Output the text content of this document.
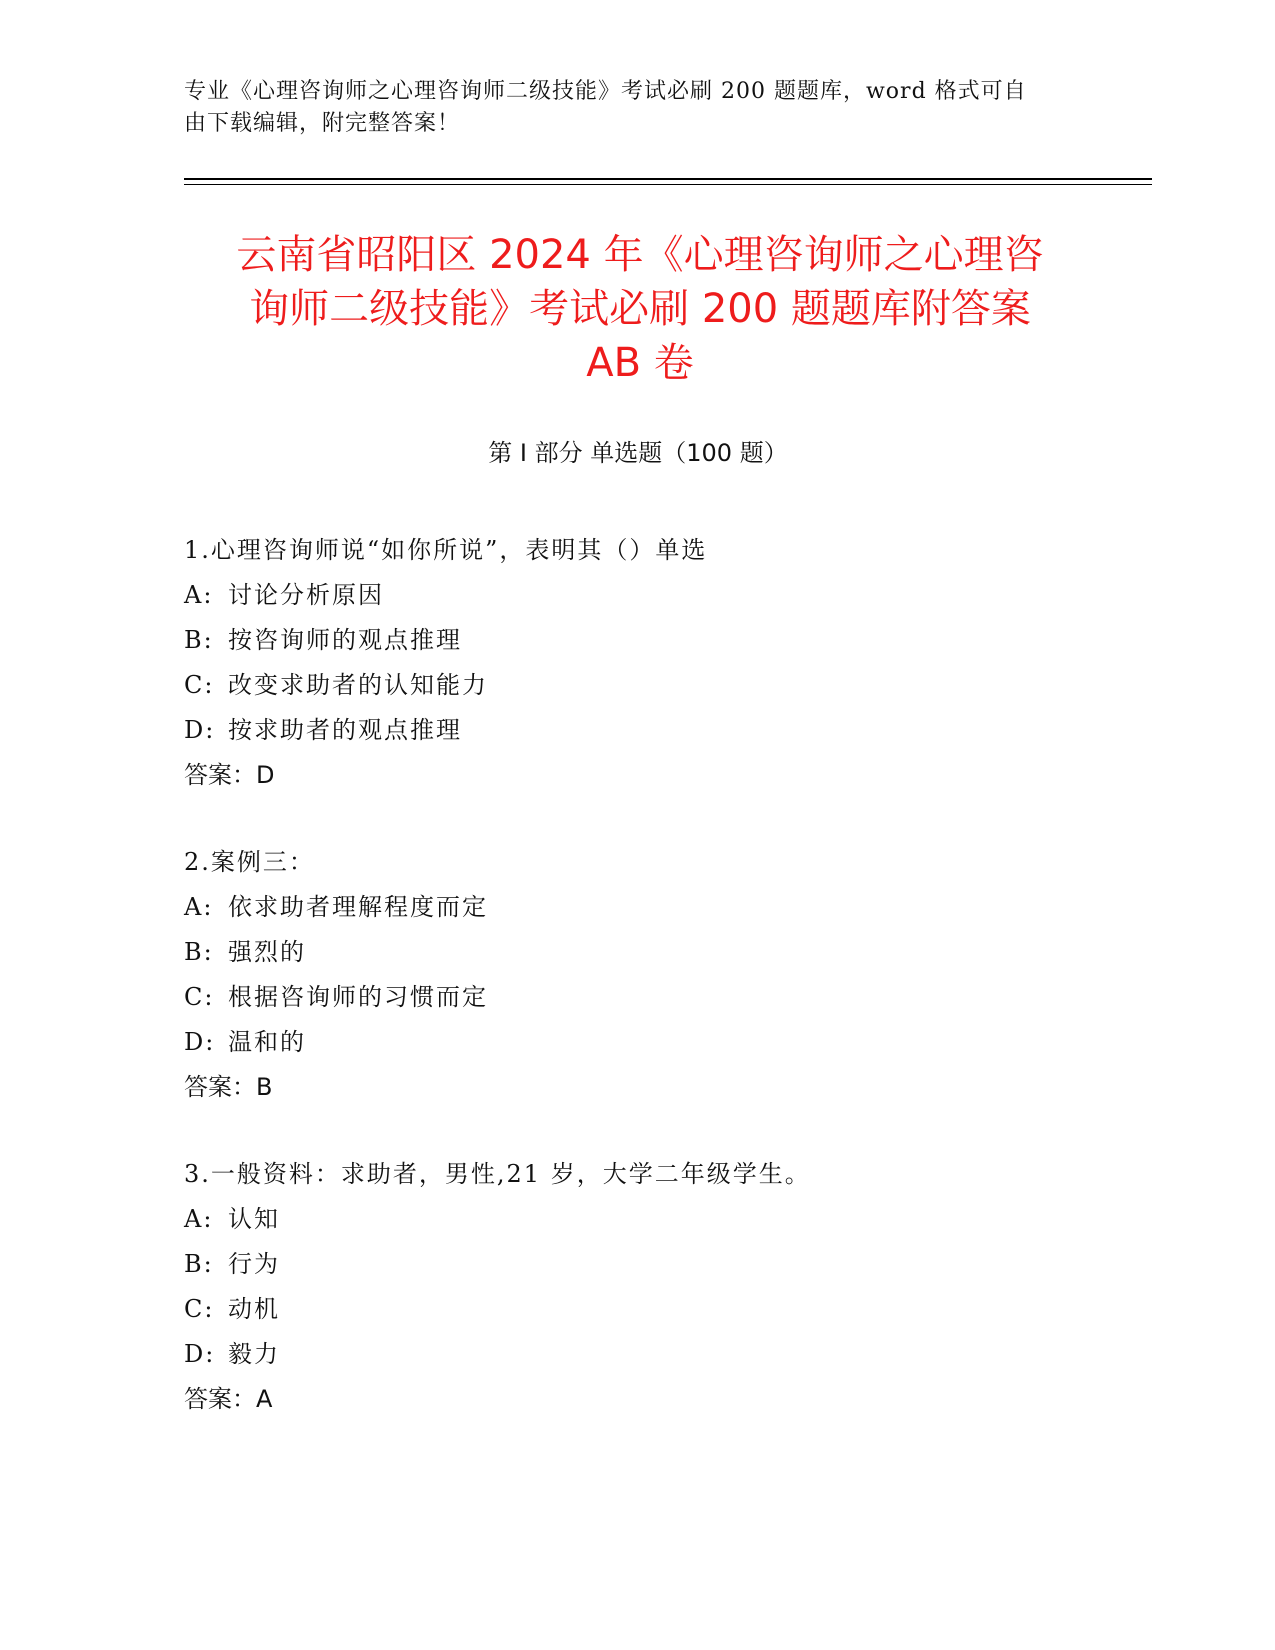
专业《心理咨询师之心理咨询师二级技能》考试必刷 200 题题库，word 格式可自
由下载编辑，附完整答案！
云南省昭阳区 2024 年《心理咨询师之心理咨
询师二级技能》考试必刷 200 题题库附答案
AB 卷
第 I 部分 单选题（100 题）
1.心理咨询师说“如你所说”，表明其（）单选
A: 讨论分析原因
B: 按咨询师的观点推理
C: 改变求助者的认知能力
D: 按求助者的观点推理
答案：D
2.案例三：
A: 依求助者理解程度而定
B: 强烈的
C: 根据咨询师的习惯而定
D: 温和的
答案：B
3.一般资料：求助者，男性,21 岁，大学二年级学生。
A: 认知
B: 行为
C: 动机
D: 毅力
答案：A
